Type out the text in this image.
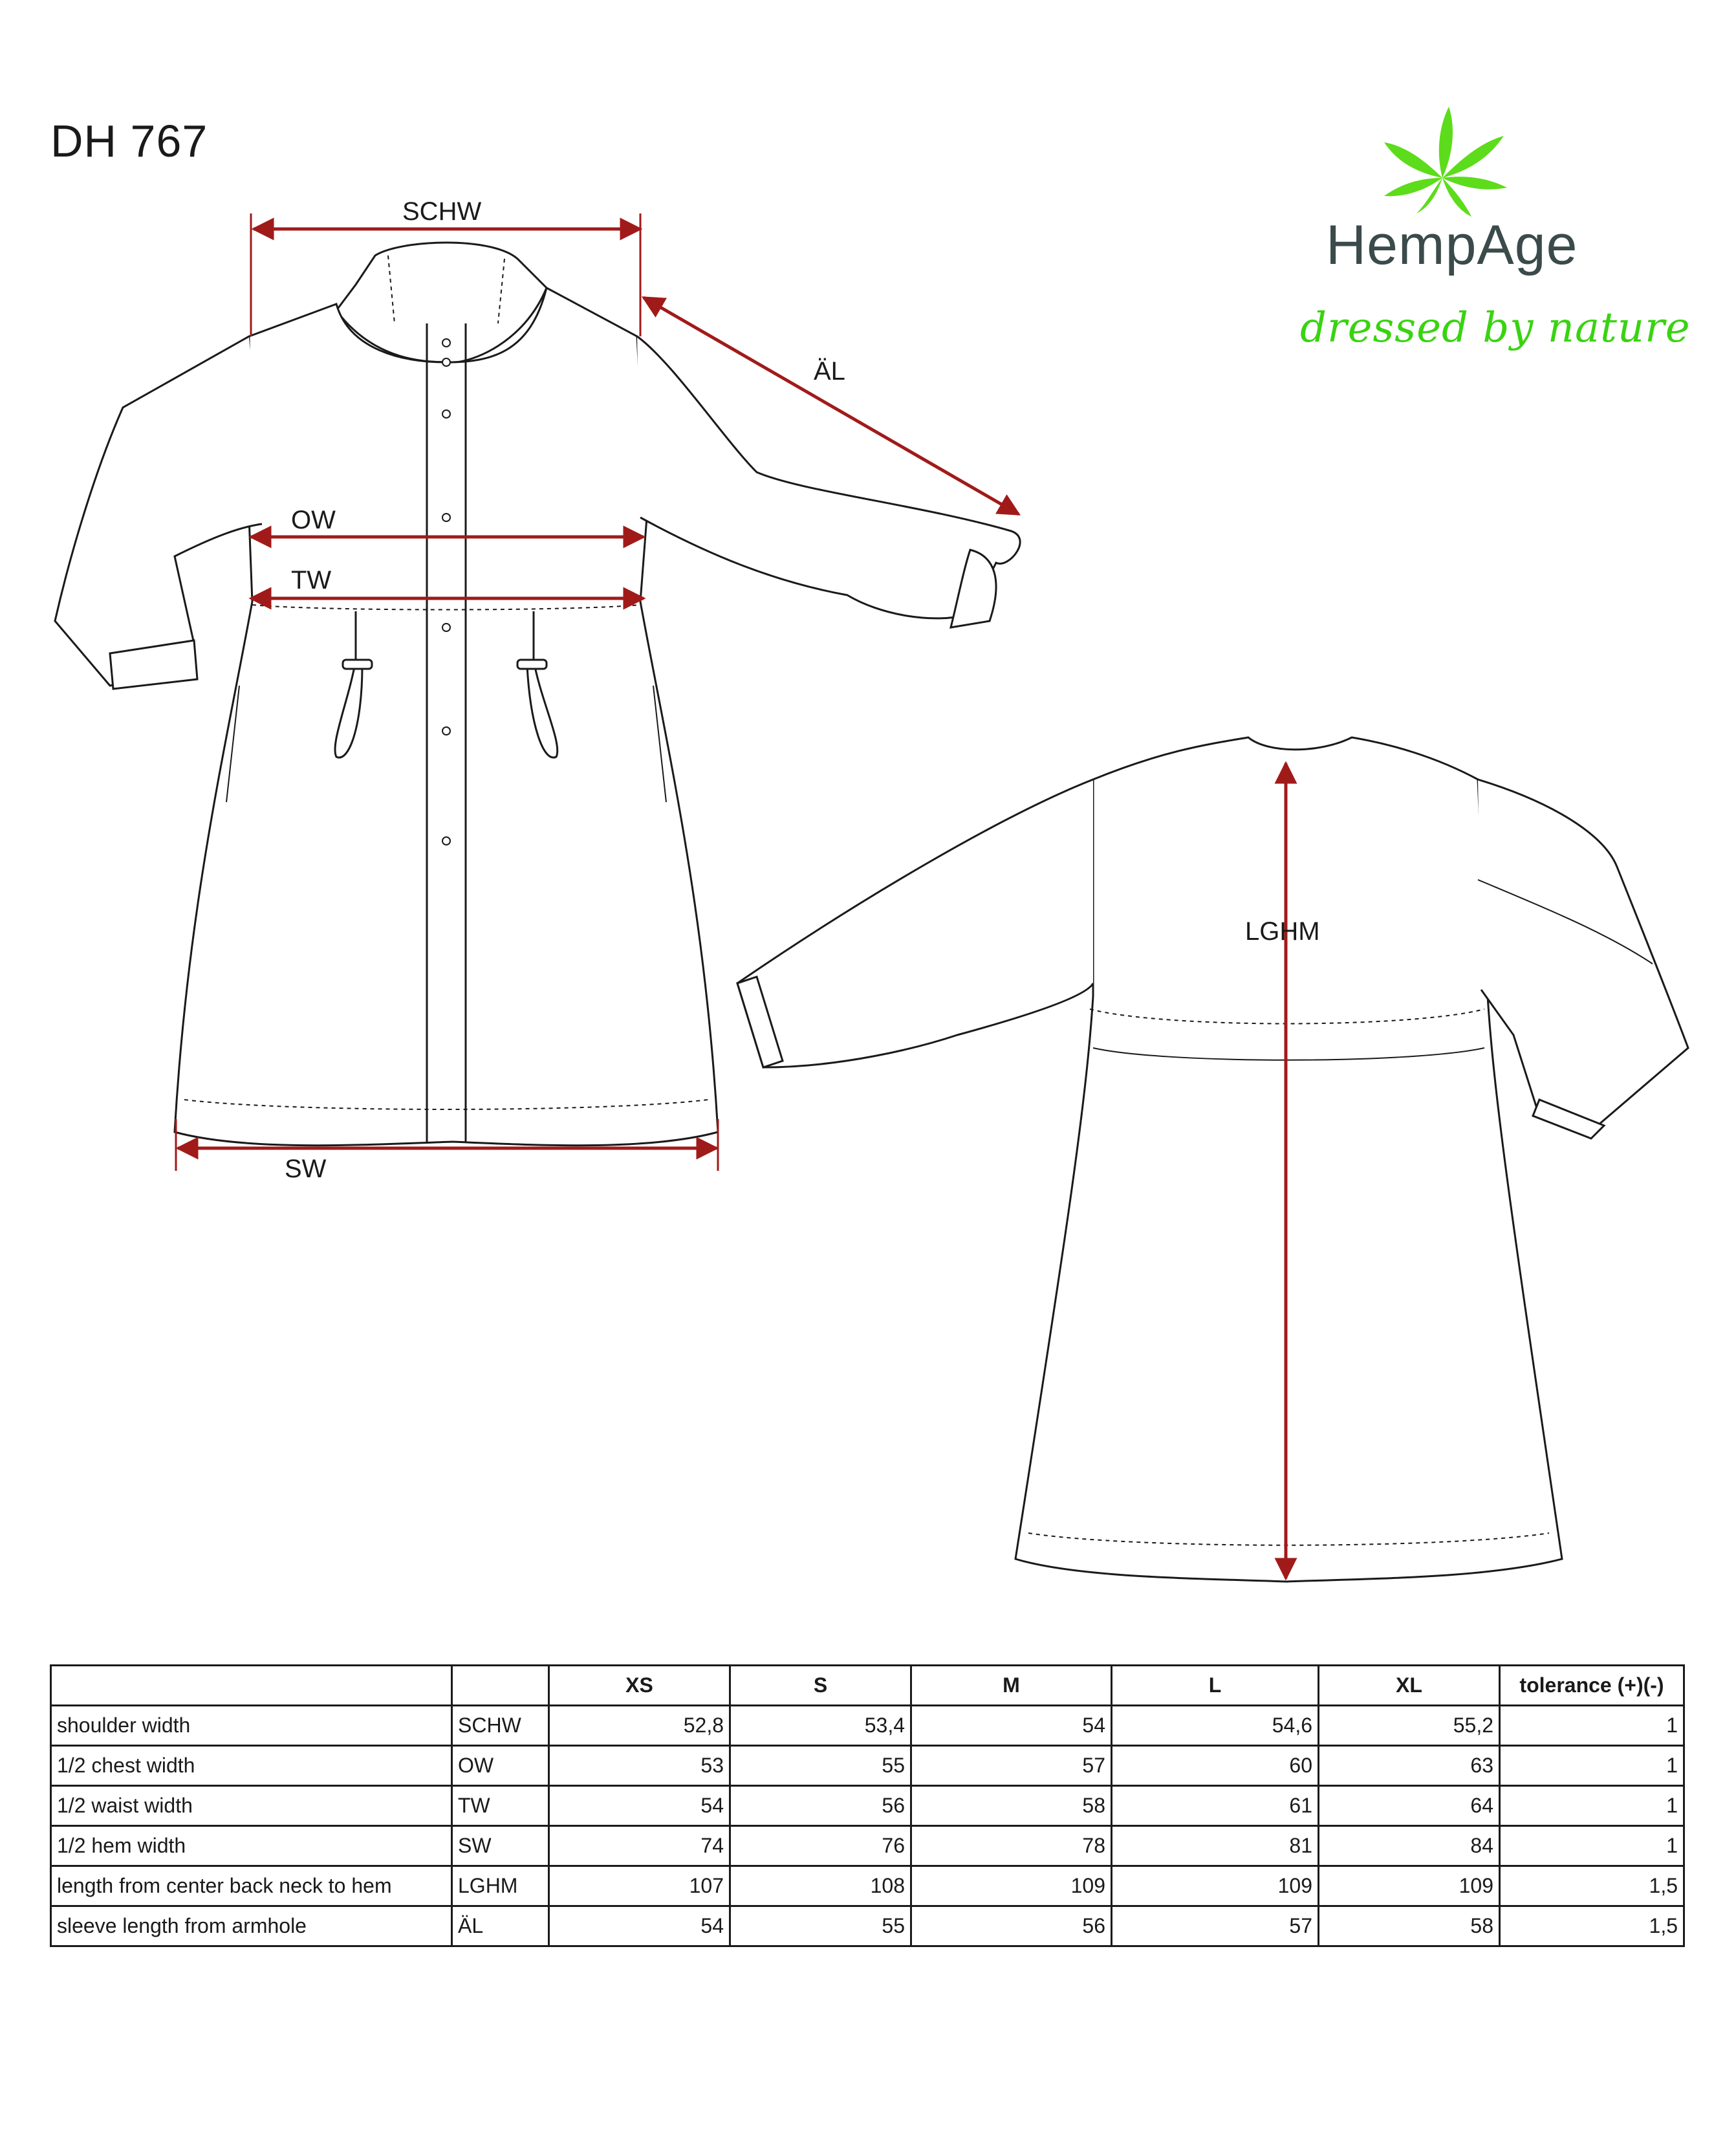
DH 767
HempAge
dressed by nature
SCHW
ÄL
OW
TW
SW
LGHM
		XS	S	M	L	XL	tolerance (+)(-)
shoulder width	SCHW	52,8	53,4	54	54,6	55,2	1
1/2 chest width	OW	53	55	57	60	63	1
1/2 waist width	TW	54	56	58	61	64	1
1/2 hem width	SW	74	76	78	81	84	1
length from center back neck to hem	LGHM	107	108	109	109	109	1,5
sleeve length from armhole	ÄL	54	55	56	57	58	1,5
